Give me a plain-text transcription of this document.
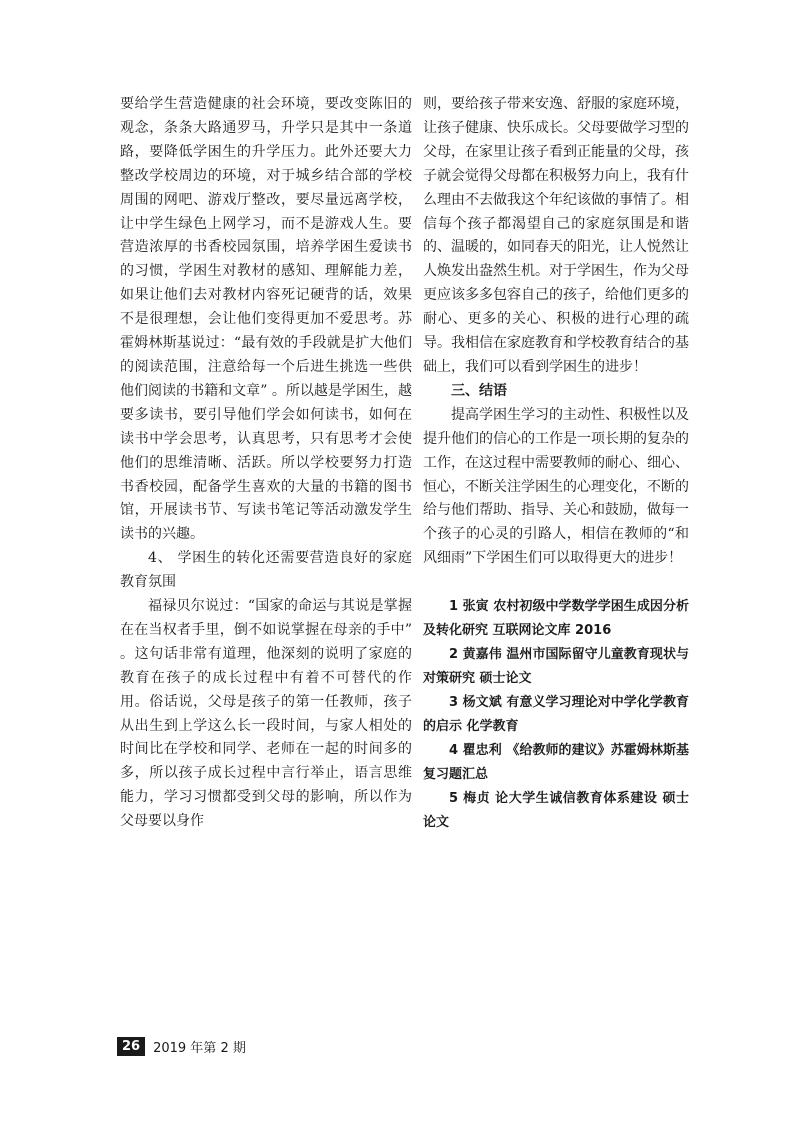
要给学生营造健康的社会环境，要改变陈旧的观念，条条大路通罗马，升学只是其中一条道路，要降低学困生的升学压力。此外还要大力整改学校周边的环境，对于城乡结合部的学校周围的网吧、游戏厅整改，要尽量远离学校，让中学生绿色上网学习，而不是游戏人生。要营造浓厚的书香校园氛围，培养学困生爱读书的习惯，学困生对教材的感知、理解能力差，如果让他们去对教材内容死记硬背的话，效果不是很理想，会让他们变得更加不爱思考。苏霍姆林斯基说过：“最有效的手段就是扩大他们的阅读范围，注意给每一个后进生挑选一些供他们阅读的书籍和文章” 。所以越是学困生，越要多读书，要引导他们学会如何读书，如何在读书中学会思考，认真思考，只有思考才会使他们的思维清晰、活跃。所以学校要努力打造书香校园，配备学生喜欢的大量的书籍的图书馆，开展读书节、写读书笔记等活动激发学生读书的兴趣。

4、 学困生的转化还需要营造良好的家庭教育氛围

福禄贝尔说过：“国家的命运与其说是掌握在在当权者手里，倒不如说掌握在母亲的手中” 。这句话非常有道理，他深刻的说明了家庭的教育在孩子的成长过程中有着不可替代的作用。俗话说，父母是孩子的第一任教师，孩子从出生到上学这么长一段时间，与家人相处的时间比在学校和同学、老师在一起的时间多的多，所以孩子成长过程中言行举止，语言思维能力，学习习惯都受到父母的影响，所以作为父母要以身作

则，要给孩子带来安逸、舒服的家庭环境，让孩子健康、快乐成长。父母要做学习型的父母，在家里让孩子看到正能量的父母，孩子就会觉得父母都在积极努力向上，我有什么理由不去做我这个年纪该做的事情了。相信每个孩子都渴望自己的家庭氛围是和谐的、温暖的，如同春天的阳光，让人悦然让人焕发出盎然生机。对于学困生，作为父母更应该多多包容自己的孩子，给他们更多的耐心、更多的关心、积极的进行心理的疏导。我相信在家庭教育和学校教育结合的基础上，我们可以看到学困生的进步！

三、结语

提高学困生学习的主动性、积极性以及提升他们的信心的工作是一项长期的复杂的工作，在这过程中需要教师的耐心、细心、恒心，不断关注学困生的心理变化，不断的给与他们帮助、指导、关心和鼓励，做每一个孩子的心灵的引路人，相信在教师的“和风细雨”下学困生们可以取得更大的进步！

1 张寅 农村初级中学数学学困生成因分析及转化研究 互联网论文库 2016

2 黄嘉伟 温州市国际留守儿童教育现状与对策研究 硕士论文

3 杨文斌 有意义学习理论对中学化学教育的启示 化学教育

4 瞿忠利 《给教师的建议》苏霍姆林斯基复习题汇总

5 梅贞 论大学生诚信教育体系建设 硕士论文

26	2019 年第 2 期
